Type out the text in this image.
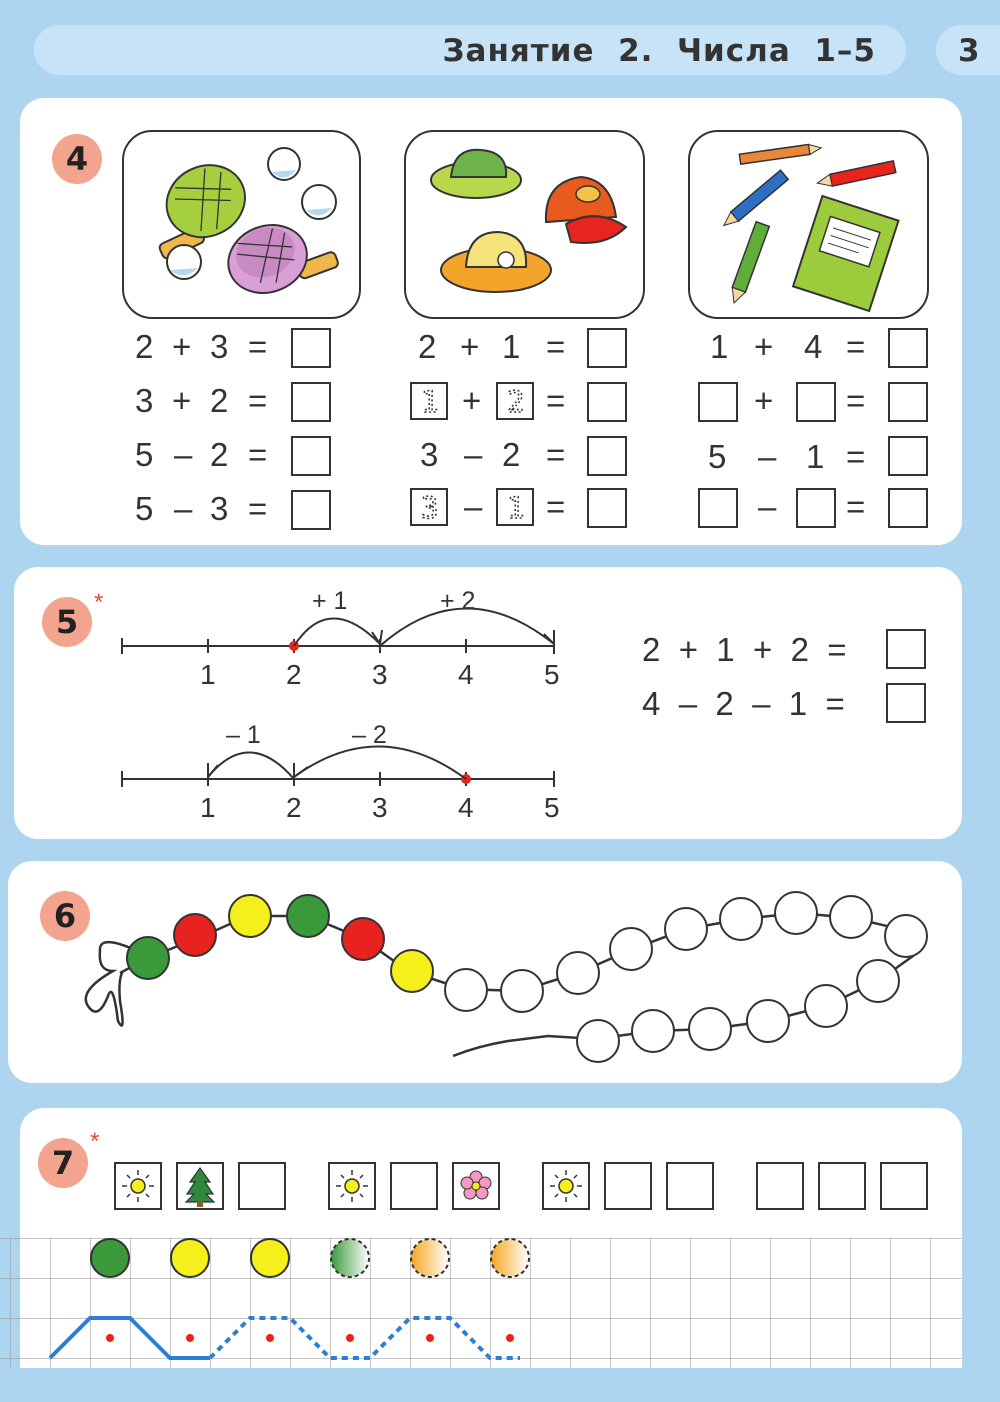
Занятие  2.  Числа  1–5	3
4
2 + 3 =
3 + 2 =
5 – 2 =
5 – 3 =
2 + 1 =
1 + 2 =
3 – 2 =
3 – 1 =
1 + 4 =
+ =
5 – 1 =
– =
5
*
1	2	3	4	5
+ 1	+ 2
1	2	3	4	5
– 1	– 2
2  +  1  +  2  =
4  –  2  –  1  =
6
7
*
